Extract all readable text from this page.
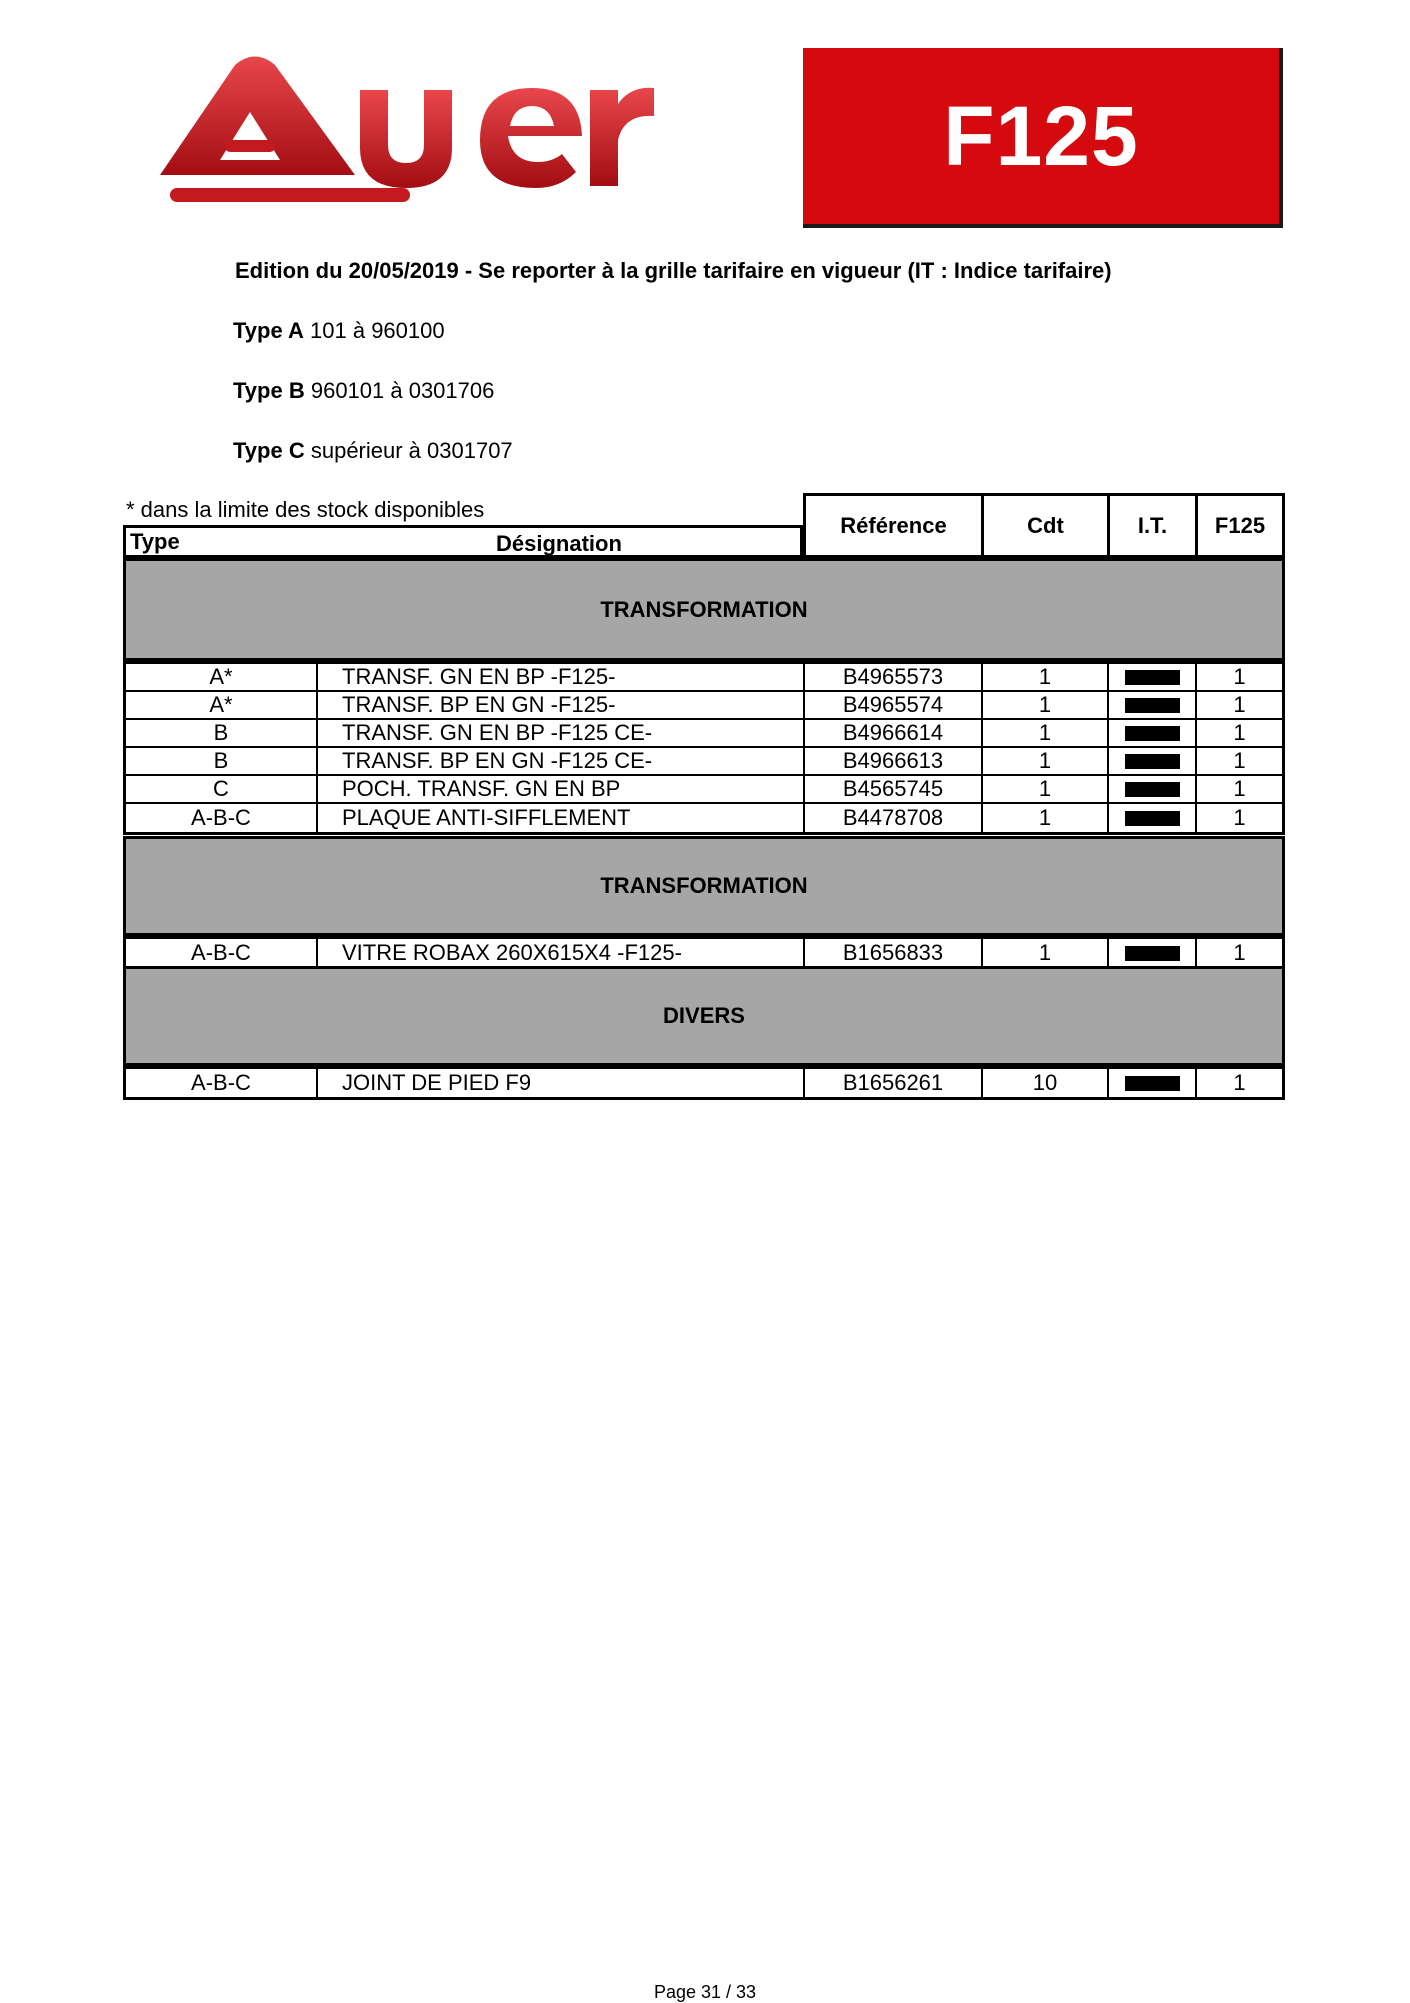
F125
Edition du 20/05/2019 - Se reporter à la grille tarifaire en vigueur (IT : Indice tarifaire)
Type A 101 à 960100
Type B 960101 à 0301706
Type C supérieur à 0301707
* dans la limite des stock disponibles
Type	Désignation
Référence	Cdt	I.T.	F125
TRANSFORMATION
A*	TRANSF. GN EN BP -F125-	B4965573	1	1
A*	TRANSF. BP EN GN -F125-	B4965574	1	1
B	TRANSF. GN EN BP -F125 CE-	B4966614	1	1
B	TRANSF. BP EN GN -F125 CE-	B4966613	1	1
C	POCH. TRANSF. GN EN BP	B4565745	1	1
A-B-C	PLAQUE ANTI-SIFFLEMENT	B4478708	1	1
TRANSFORMATION
A-B-C	VITRE ROBAX 260X615X4 -F125-	B1656833	1	1
DIVERS
A-B-C	JOINT DE PIED F9	B1656261	10	1
Page 31 / 33
